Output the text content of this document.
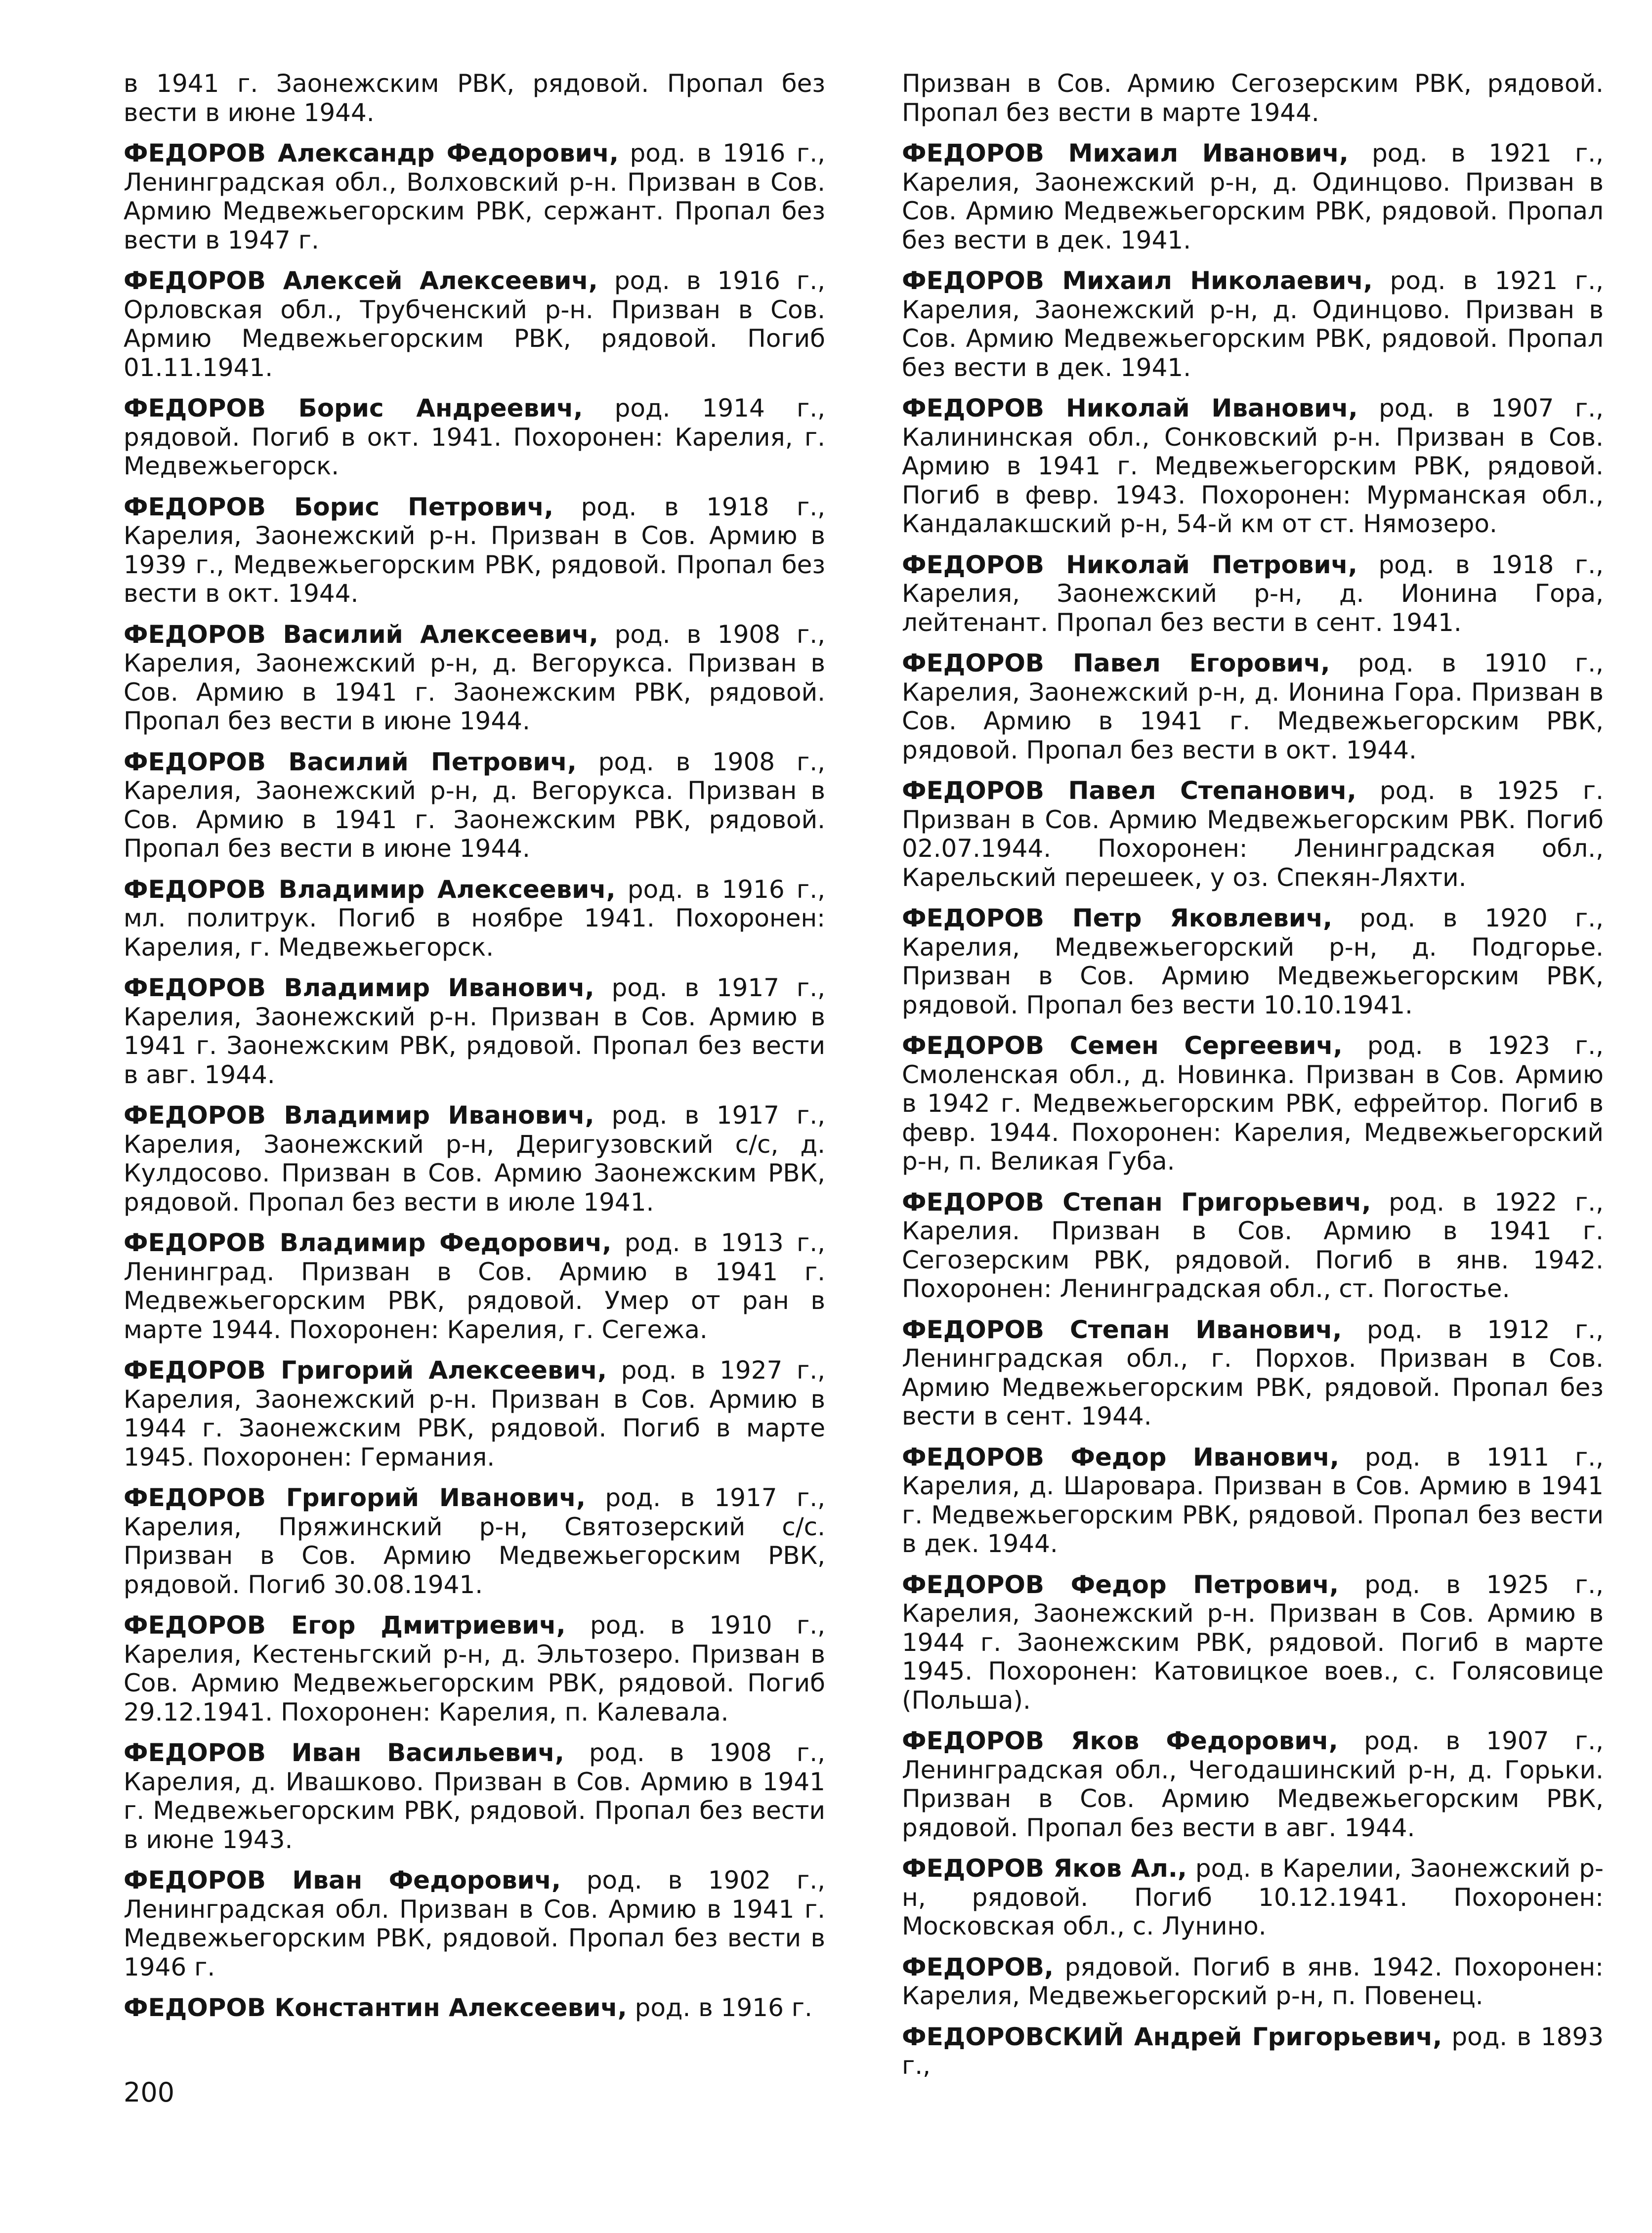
в 1941 г. Заонежским РВК, рядовой. Пропал без вести в июне 1944.

ФЕДОРОВ Александр Федорович, род. в 1916 г., Ленинградская обл., Волховский р-н. Призван в Сов. Армию Медвежьегорским РВК, сержант. Пропал без вести в 1947 г.

ФЕДОРОВ Алексей Алексеевич, род. в 1916 г., Орловская обл., Трубченский р-н. Призван в Сов. Армию Медвежьегорским РВК, рядовой. Погиб 01.11.1941.

ФЕДОРОВ Борис Андреевич, род. 1914 г., рядовой. Погиб в окт. 1941. Похоронен: Карелия, г. Медвежьегорск.

ФЕДОРОВ Борис Петрович, род. в 1918 г., Карелия, Заонежский р-н. Призван в Сов. Армию в 1939 г., Медвежьегорским РВК, рядовой. Пропал без вести в окт. 1944.

ФЕДОРОВ Василий Алексеевич, род. в 1908 г., Карелия, Заонежский р-н, д. Вегорукса. Призван в Сов. Армию в 1941 г. Заонежским РВК, рядовой. Пропал без вести в июне 1944.

ФЕДОРОВ Василий Петрович, род. в 1908 г., Карелия, Заонежский р-н, д. Вегорукса. Призван в Сов. Армию в 1941 г. Заонежским РВК, рядовой. Пропал без вести в июне 1944.

ФЕДОРОВ Владимир Алексеевич, род. в 1916 г., мл. политрук. Погиб в ноябре 1941. Похоронен: Карелия, г. Медвежьегорск.

ФЕДОРОВ Владимир Иванович, род. в 1917 г., Карелия, Заонежский р-н. Призван в Сов. Армию в 1941 г. Заонежским РВК, рядовой. Пропал без вести в авг. 1944.

ФЕДОРОВ Владимир Иванович, род. в 1917 г., Карелия, Заонежский р-н, Деригузовский с/с, д. Кулдосово. Призван в Сов. Армию Заонежским РВК, рядовой. Пропал без вести в июле 1941.

ФЕДОРОВ Владимир Федорович, род. в 1913 г., Ленинград. Призван в Сов. Армию в 1941 г. Медвежьегорским РВК, рядовой. Умер от ран в марте 1944. Похоронен: Карелия, г. Сегежа.

ФЕДОРОВ Григорий Алексеевич, род. в 1927 г., Карелия, Заонежский р-н. Призван в Сов. Армию в 1944 г. Заонежским РВК, рядовой. Погиб в марте 1945. Похоронен: Германия.

ФЕДОРОВ Григорий Иванович, род. в 1917 г., Карелия, Пряжинский р-н, Святозерский с/с. Призван в Сов. Армию Медвежьегорским РВК, рядовой. Погиб 30.08.1941.

ФЕДОРОВ Егор Дмитриевич, род. в 1910 г., Карелия, Кестеньгский р-н, д. Эльтозеро. Призван в Сов. Армию Медвежьегорским РВК, рядовой. Погиб 29.12.1941. Похоронен: Карелия, п. Калевала.

ФЕДОРОВ Иван Васильевич, род. в 1908 г., Карелия, д. Ивашково. Призван в Сов. Армию в 1941 г. Медвежьегорским РВК, рядовой. Пропал без вести в июне 1943.

ФЕДОРОВ Иван Федорович, род. в 1902 г., Ленинградская обл. Призван в Сов. Армию в 1941 г. Медвежьегорским РВК, рядовой. Пропал без вести в 1946 г.

ФЕДОРОВ Константин Алексеевич, род. в 1916 г.

Призван в Сов. Армию Сегозерским РВК, рядовой. Пропал без вести в марте 1944.

ФЕДОРОВ Михаил Иванович, род. в 1921 г., Карелия, Заонежский р-н, д. Одинцово. Призван в Сов. Армию Медвежьегорским РВК, рядовой. Пропал без вести в дек. 1941.

ФЕДОРОВ Михаил Николаевич, род. в 1921 г., Карелия, Заонежский р-н, д. Одинцово. Призван в Сов. Армию Медвежьегорским РВК, рядовой. Пропал без вести в дек. 1941.

ФЕДОРОВ Николай Иванович, род. в 1907 г., Калининская обл., Сонковский р-н. Призван в Сов. Армию в 1941 г. Медвежьегорским РВК, рядовой. Погиб в февр. 1943. Похоронен: Мурманская обл., Кандалакшский р-н, 54-й км от ст. Нямозеро.

ФЕДОРОВ Николай Петрович, род. в 1918 г., Карелия, Заонежский р-н, д. Ионина Гора, лейтенант. Пропал без вести в сент. 1941.

ФЕДОРОВ Павел Егорович, род. в 1910 г., Карелия, Заонежский р-н, д. Ионина Гора. Призван в Сов. Армию в 1941 г. Медвежьегорским РВК, рядовой. Пропал без вести в окт. 1944.

ФЕДОРОВ Павел Степанович, род. в 1925 г. Призван в Сов. Армию Медвежьегорским РВК. Погиб 02.07.1944. Похоронен: Ленинградская обл., Карельский перешеек, у оз. Спекян-Ляхти.

ФЕДОРОВ Петр Яковлевич, род. в 1920 г., Карелия, Медвежьегорский р-н, д. Подгорье. Призван в Сов. Армию Медвежьегорским РВК, рядовой. Пропал без вести 10.10.1941.

ФЕДОРОВ Семен Сергеевич, род. в 1923 г., Смоленская обл., д. Новинка. Призван в Сов. Армию в 1942 г. Медвежьегорским РВК, ефрейтор. Погиб в февр. 1944. Похоронен: Карелия, Медвежьегорский р-н, п. Великая Губа.

ФЕДОРОВ Степан Григорьевич, род. в 1922 г., Карелия. Призван в Сов. Армию в 1941 г. Сегозерским РВК, рядовой. Погиб в янв. 1942. Похоронен: Ленинградская обл., ст. Погостье.

ФЕДОРОВ Степан Иванович, род. в 1912 г., Ленинградская обл., г. Порхов. Призван в Сов. Армию Медвежьегорским РВК, рядовой. Пропал без вести в сент. 1944.

ФЕДОРОВ Федор Иванович, род. в 1911 г., Карелия, д. Шаровара. Призван в Сов. Армию в 1941 г. Медвежьегорским РВК, рядовой. Пропал без вести в дек. 1944.

ФЕДОРОВ Федор Петрович, род. в 1925 г., Карелия, Заонежский р-н. Призван в Сов. Армию в 1944 г. Заонежским РВК, рядовой. Погиб в марте 1945. Похоронен: Катовицкое воев., с. Голясовице (Польша).

ФЕДОРОВ Яков Федорович, род. в 1907 г., Ленинградская обл., Чегодашинский р-н, д. Горьки. Призван в Сов. Армию Медвежьегорским РВК, рядовой. Пропал без вести в авг. 1944.

ФЕДОРОВ Яков Ал., род. в Карелии, Заонежский р-н, рядовой. Погиб 10.12.1941. Похоронен: Московская обл., с. Лунино.

ФЕДОРОВ, рядовой. Погиб в янв. 1942. Похоронен: Карелия, Медвежьегорский р-н, п. Повенец.

ФЕДОРОВСКИЙ Андрей Григорьевич, род. в 1893 г.,

200
